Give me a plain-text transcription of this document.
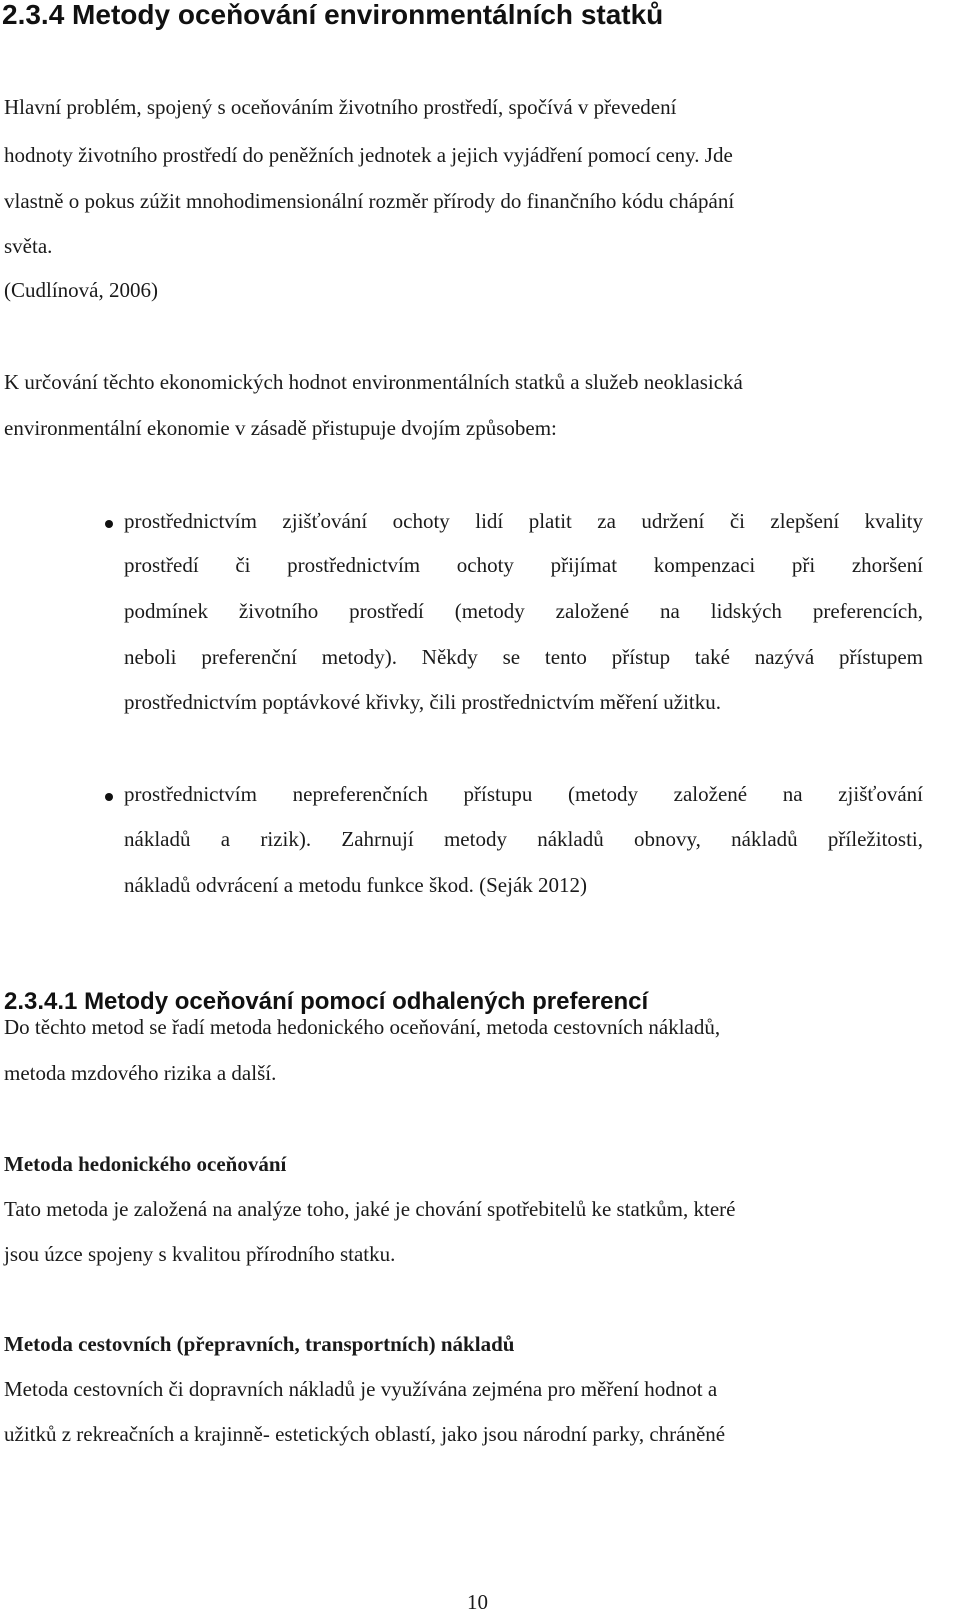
2.3.4 Metody oceňování environmentálních statků
Hlavní problém, spojený s oceňováním životního prostředí, spočívá v převedení
hodnoty životního prostředí do peněžních jednotek a jejich vyjádření pomocí ceny. Jde
vlastně o pokus zúžit mnohodimensionální rozměr přírody do finančního kódu chápání
světa.
(Cudlínová, 2006)
K určování těchto ekonomických hodnot environmentálních statků a služeb neoklasická
environmentální ekonomie v zásadě přistupuje dvojím způsobem:
prostřednictvím zjišťování ochoty lidí platit za udržení či zlepšení kvality
prostředí či prostřednictvím ochoty přijímat kompenzaci při zhoršení
podmínek životního prostředí (metody založené na lidských preferencích,
neboli preferenční metody). Někdy se tento přístup také nazývá přístupem
prostřednictvím poptávkové křivky, čili prostřednictvím měření užitku.
prostřednictvím nepreferenčních přístupu (metody založené na zjišťování
nákladů a rizik). Zahrnují metody nákladů obnovy, nákladů příležitosti,
nákladů odvrácení a metodu funkce škod. (Seják 2012)
2.3.4.1 Metody oceňování pomocí odhalených preferencí
Do těchto metod se řadí metoda hedonického oceňování, metoda cestovních nákladů,
metoda mzdového rizika a další.
Metoda hedonického oceňování
Tato metoda je založená na analýze toho, jaké je chování spotřebitelů ke statkům, které
jsou úzce spojeny s kvalitou přírodního statku.
Metoda cestovních (přepravních, transportních) nákladů
Metoda cestovních či dopravních nákladů je využívána zejména pro měření hodnot a
užitků z rekreačních a krajinně- estetických oblastí, jako jsou národní parky, chráněné
10
